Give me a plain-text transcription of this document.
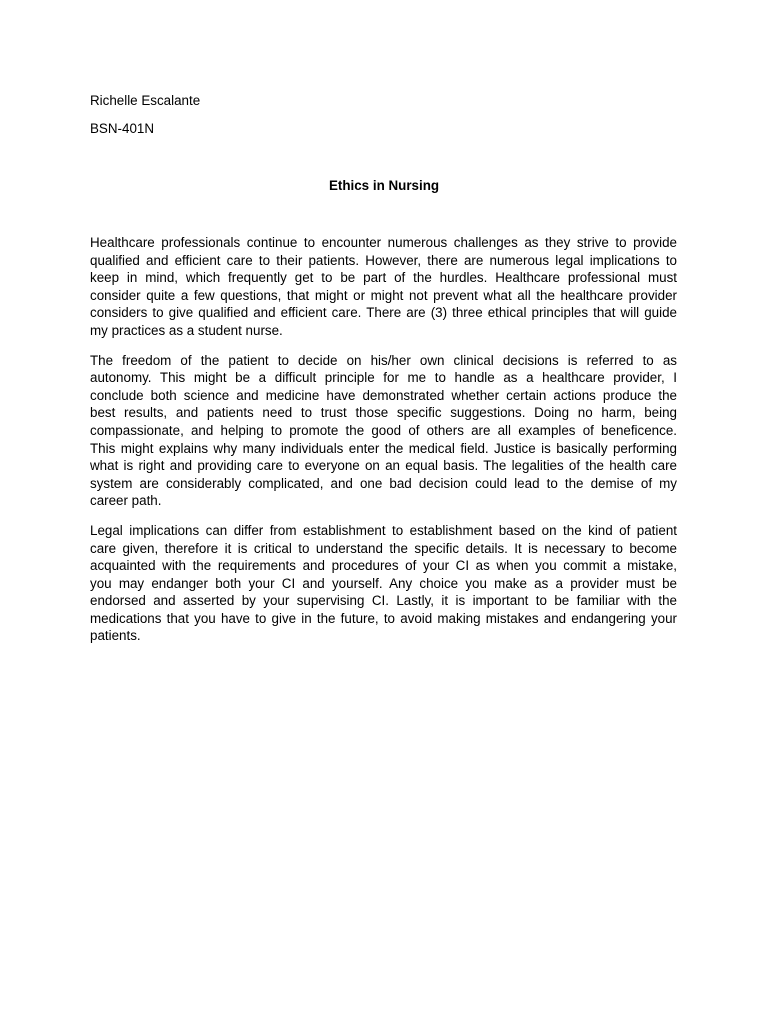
Richelle Escalante
BSN-401N
Ethics in Nursing
Healthcare professionals continue to encounter numerous challenges as they strive to provide
qualified and efficient care to their patients. However, there are numerous legal implications to
keep in mind, which frequently get to be part of the hurdles. Healthcare professional must
consider quite a few questions, that might or might not prevent what all the healthcare provider
considers to give qualified and efficient care. There are (3) three ethical principles that will guide
my practices as a student nurse.
The freedom of the patient to decide on his/her own clinical decisions is referred to as
autonomy. This might be a difficult principle for me to handle as a healthcare provider, I
conclude both science and medicine have demonstrated whether certain actions produce the
best results, and patients need to trust those specific suggestions. Doing no harm, being
compassionate, and helping to promote the good of others are all examples of beneficence.
This might explains why many individuals enter the medical field. Justice is basically performing
what is right and providing care to everyone on an equal basis. The legalities of the health care
system are considerably complicated, and one bad decision could lead to the demise of my
career path.
Legal implications can differ from establishment to establishment based on the kind of patient
care given, therefore it is critical to understand the specific details. It is necessary to become
acquainted with the requirements and procedures of your CI as when you commit a mistake,
you may endanger both your CI and yourself. Any choice you make as a provider must be
endorsed and asserted by your supervising CI. Lastly, it is important to be familiar with the
medications that you have to give in the future, to avoid making mistakes and endangering your
patients.
